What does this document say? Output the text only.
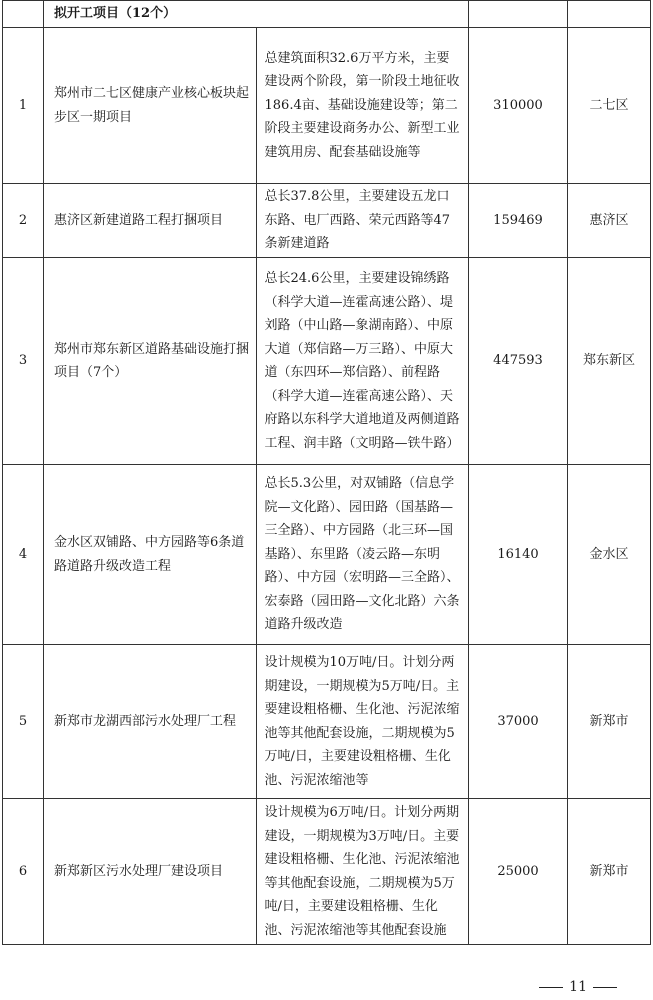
	拟开工项目（12个）			
1	郑州市二七区健康产业核心板块起步区一期项目	总建筑面积32.6万平方米，主要建设两个阶段，第一阶段土地征收186.4亩、基础设施建设等；第二阶段主要建设商务办公、新型工业建筑用房、配套基础设施等	310000	二七区
2	惠济区新建道路工程打捆项目	总长37.8公里，主要建设五龙口东路、电厂西路、荣元西路等47条新建道路	159469	惠济区
3	郑州市郑东新区道路基础设施打捆项目（7个）	总长24.6公里，主要建设锦绣路（科学大道—连霍高速公路）、堤刘路（中山路—象湖南路）、中原大道（郑信路—万三路）、中原大道（东四环—郑信路）、前程路（科学大道—连霍高速公路）、天府路以东科学大道地道及两侧道路工程、润丰路（文明路—铁牛路）	447593	郑东新区
4	金水区双铺路、中方园路等6条道路道路升级改造工程	总长5.3公里，对双铺路（信息学院—文化路）、园田路（国基路—三全路）、中方园路（北三环—国基路）、东里路（凌云路—东明路）、中方园（宏明路—三全路）、宏泰路（园田路—文化北路）六条道路升级改造	16140	金水区
5	新郑市龙湖西部污水处理厂工程	设计规模为10万吨/日。计划分两期建设，一期规模为5万吨/日。主要建设粗格栅、生化池、污泥浓缩池等其他配套设施，二期规模为5万吨/日，主要建设粗格栅、生化池、污泥浓缩池等	37000	新郑市
6	新郑新区污水处理厂建设项目	设计规模为6万吨/日。计划分两期建设，一期规模为3万吨/日。主要建设粗格栅、生化池、污泥浓缩池等其他配套设施，二期规模为5万吨/日，主要建设粗格栅、生化池、污泥浓缩池等其他配套设施	25000	新郑市
11
